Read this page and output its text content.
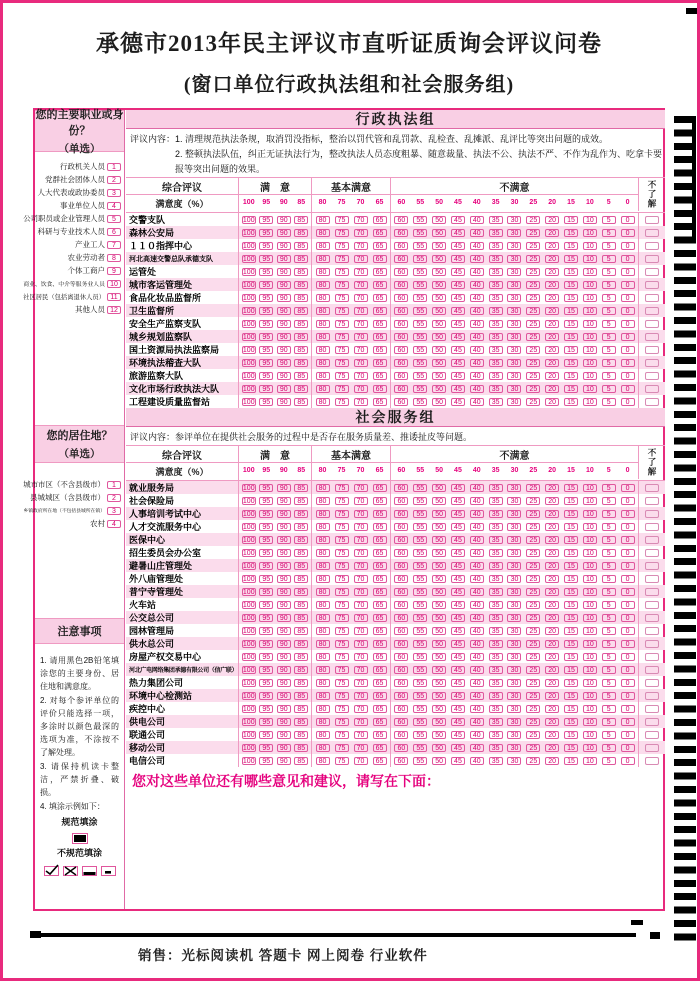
承德市2013年民主评议市直听证质询会评议问卷
(窗口单位行政执法组和社会服务组)
您的主要职业或身份？
（单选）
行政机关人员	1
党群社会团体人员	2
人大代表或政协委员	3
事业单位人员	4
公司职员或企业管理人员	5
科研与专业技术人员	6
产业工人	7
农业劳动者	8
个体工商户	9
商业、饮食、中介等服务业人员 10
社区居民（包括离退休人员） 11
其他人员 12
您的居住地？
（单选）
城市市区（不含县级市）	1
县城城区（含县级市）	2
乡镇政府所在地（不包括县城所在镇）	3
农村	4
注意事项

1. 请用黑色2B铅笔填涂您的主要身份、居住地和满意度。

2. 对每个参评单位的评价只能选择一项，多涂时以颜色最深的选项为准，不涂按不了解处理。

3. 请保持机读卡整洁，严禁折叠、破损。

4. 填涂示例如下：

规范填涂
不规范填涂
行政执法组
评议内容： 1. 清理规范执法条规，取消罚没指标，整治以罚代管和乱罚款、乱检查、乱摊派、乱评比等突出问题的成效。
2. 整顿执法队伍，纠正无证执法行为，整改执法人员态度粗暴、随意裁量、执法不公、执法不严、不作为乱作为、吃拿卡要报等突出问题的效果。
综合评议
满意度（%）
满　意
100	95	90	85
基本满意
80	75	70	65
不满意
60	55	50	45	40	35	30	25	20	15	10	5	0	不了解
交警支队	100	95	90	85	80	75	70	65	60	55	50	45	40	35	30	25	20	15	10	5	0
森林公安局	100	95	90	85	80	75	70	65	60	55	50	45	40	35	30	25	20	15	10	5	0
１１０指挥中心	100	95	90	85	80	75	70	65	60	55	50	45	40	35	30	25	20	15	10	5	0
河北高速交警总队承德支队	100	95	90	85	80	75	70	65	60	55	50	45	40	35	30	25	20	15	10	5	0
运管处	100	95	90	85	80	75	70	65	60	55	50	45	40	35	30	25	20	15	10	5	0
城市客运管理处	100	95	90	85	80	75	70	65	60	55	50	45	40	35	30	25	20	15	10	5	0
食品化妆品监督所	100	95	90	85	80	75	70	65	60	55	50	45	40	35	30	25	20	15	10	5	0
卫生监督所	100	95	90	85	80	75	70	65	60	55	50	45	40	35	30	25	20	15	10	5	0
安全生产监察支队	100	95	90	85	80	75	70	65	60	55	50	45	40	35	30	25	20	15	10	5	0
城乡规划监察队	100	95	90	85	80	75	70	65	60	55	50	45	40	35	30	25	20	15	10	5	0
国土资源局执法监察局	100	95	90	85	80	75	70	65	60	55	50	45	40	35	30	25	20	15	10	5	0
环境执法稽查大队	100	95	90	85	80	75	70	65	60	55	50	45	40	35	30	25	20	15	10	5	0
旅游监察大队	100	95	90	85	80	75	70	65	60	55	50	45	40	35	30	25	20	15	10	5	0
文化市场行政执法大队	100	95	90	85	80	75	70	65	60	55	50	45	40	35	30	25	20	15	10	5	0
工程建设质量监督站	100	95	90	85	80	75	70	65	60	55	50	45	40	35	30	25	20	15	10	5	0
社会服务组
评议内容： 参评单位在提供社会服务的过程中是否存在服务质量差、推诿扯皮等问题。
综合评议
满意度（%）
满　意
100	95	90	85
基本满意
80	75	70	65
不满意
60	55	50	45	40	35	30	25	20	15	10	5	0	不了解
就业服务局	100	95	90	85	80	75	70	65	60	55	50	45	40	35	30	25	20	15	10	5	0
社会保险局	100	95	90	85	80	75	70	65	60	55	50	45	40	35	30	25	20	15	10	5	0
人事培训考试中心	100	95	90	85	80	75	70	65	60	55	50	45	40	35	30	25	20	15	10	5	0
人才交流服务中心	100	95	90	85	80	75	70	65	60	55	50	45	40	35	30	25	20	15	10	5	0
医保中心	100	95	90	85	80	75	70	65	60	55	50	45	40	35	30	25	20	15	10	5	0
招生委员会办公室	100	95	90	85	80	75	70	65	60	55	50	45	40	35	30	25	20	15	10	5	0
避暑山庄管理处	100	95	90	85	80	75	70	65	60	55	50	45	40	35	30	25	20	15	10	5	0
外八庙管理处	100	95	90	85	80	75	70	65	60	55	50	45	40	35	30	25	20	15	10	5	0
普宁寺管理处	100	95	90	85	80	75	70	65	60	55	50	45	40	35	30	25	20	15	10	5	0
火车站	100	95	90	85	80	75	70	65	60	55	50	45	40	35	30	25	20	15	10	5	0
公交总公司	100	95	90	85	80	75	70	65	60	55	50	45	40	35	30	25	20	15	10	5	0
园林管理局	100	95	90	85	80	75	70	65	60	55	50	45	40	35	30	25	20	15	10	5	0
供水总公司	100	95	90	85	80	75	70	65	60	55	50	45	40	35	30	25	20	15	10	5	0
房屋产权交易中心	100	95	90	85	80	75	70	65	60	55	50	45	40	35	30	25	20	15	10	5	0
河北广电网络集团承德有限公司（信广联） 100	95	90	85	80	75	70	65	60	55	50	45	40	35	30	25	20	15	10	5	0
热力集团公司	100	95	90	85	80	75	70	65	60	55	50	45	40	35	30	25	20	15	10	5	0
环境中心检测站	100	95	90	85	80	75	70	65	60	55	50	45	40	35	30	25	20	15	10	5	0
疾控中心	100	95	90	85	80	75	70	65	60	55	50	45	40	35	30	25	20	15	10	5	0
供电公司	100	95	90	85	80	75	70	65	60	55	50	45	40	35	30	25	20	15	10	5	0
联通公司	100	95	90	85	80	75	70	65	60	55	50	45	40	35	30	25	20	15	10	5	0
移动公司	100	95	90	85	80	75	70	65	60	55	50	45	40	35	30	25	20	15	10	5	0
电信公司	100	95	90	85	80	75	70	65	60	55	50	45	40	35	30	25	20	15	10	5	0
您对这些单位还有哪些意见和建议，请写在下面：
销售：光标阅读机 答题卡 网上阅卷 行业软件
